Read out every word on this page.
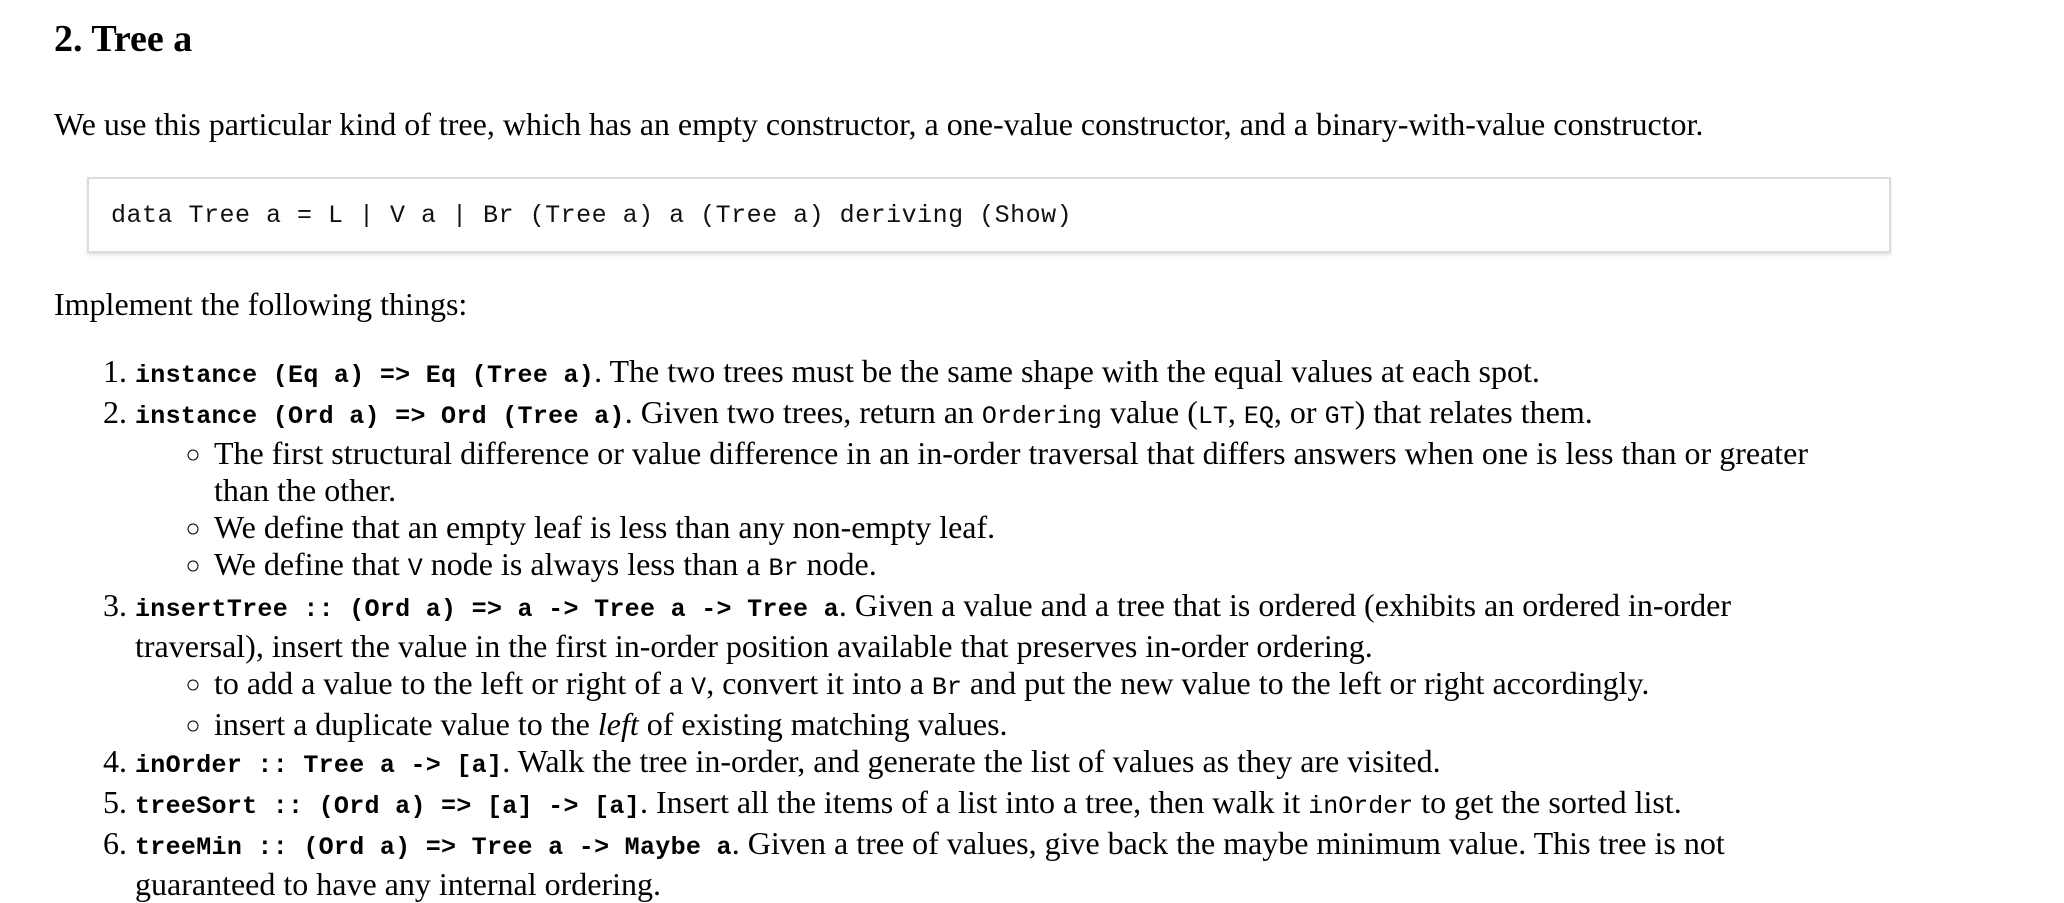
2. Tree a

We use this particular kind of tree, which has an empty constructor, a one-value constructor, and a binary-with-value constructor.

data Tree a = L | V a | Br (Tree a) a (Tree a) deriving (Show)

Implement the following things:

1. instance (Eq a) => Eq (Tree a). The two trees must be the same shape with the equal values at each spot.
2. instance (Ord a) => Ord (Tree a). Given two trees, return an Ordering value (LT, EQ, or GT) that relates them.
◦ The first structural difference or value difference in an in-order traversal that differs answers when one is less than or greater than the other.
◦ We define that an empty leaf is less than any non-empty leaf.
◦ We define that V node is always less than a Br node.
3. insertTree :: (Ord a) => a -> Tree a -> Tree a. Given a value and a tree that is ordered (exhibits an ordered in-order traversal), insert the value in the first in-order position available that preserves in-order ordering.
◦ to add a value to the left or right of a V, convert it into a Br and put the new value to the left or right accordingly.
◦ insert a duplicate value to the left of existing matching values.
4. inOrder :: Tree a -> [a]. Walk the tree in-order, and generate the list of values as they are visited.
5. treeSort :: (Ord a) => [a] -> [a]. Insert all the items of a list into a tree, then walk it inOrder to get the sorted list.
6. treeMin :: (Ord a) => Tree a -> Maybe a. Given a tree of values, give back the maybe minimum value. This tree is not guaranteed to have any internal ordering.
